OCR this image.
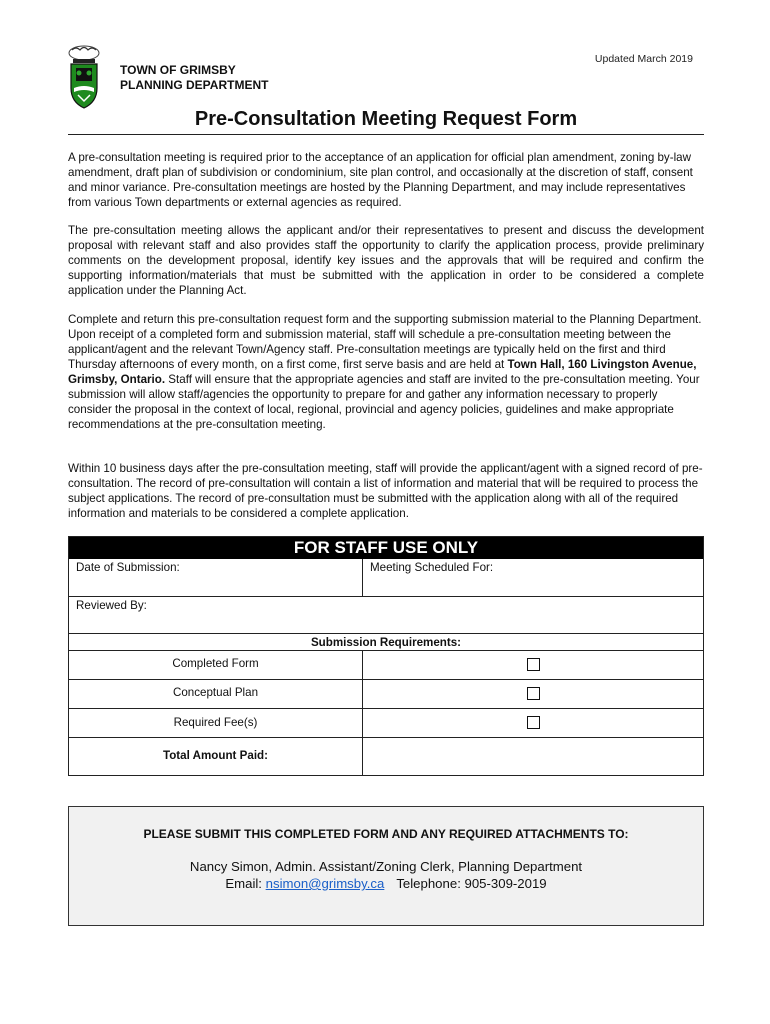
Updated March 2019
TOWN OF GRIMSBY
PLANNING DEPARTMENT
Pre-Consultation Meeting Request Form

A pre-consultation meeting is required prior to the acceptance of an application for official plan amendment, zoning by-law amendment, draft plan of subdivision or condominium, site plan control, and occasionally at the discretion of staff, consent and minor variance. Pre-consultation meetings are hosted by the Planning Department, and may include representatives from various Town departments or external agencies as required.

The pre-consultation meeting allows the applicant and/or their representatives to present and discuss the development proposal with relevant staff and also provides staff the opportunity to clarify the application process, provide preliminary comments on the development proposal, identify key issues and the approvals that will be required and confirm the supporting information/materials that must be submitted with the application in order to be considered a complete application under the Planning Act.

Complete and return this pre-consultation request form and the supporting submission material to the Planning Department. Upon receipt of a completed form and submission material, staff will schedule a pre-consultation meeting between the applicant/agent and the relevant Town/Agency staff. Pre-consultation meetings are typically held on the first and third Thursday afternoons of every month, on a first come, first serve basis and are held at Town Hall, 160 Livingston Avenue, Grimsby, Ontario. Staff will ensure that the appropriate agencies and staff are invited to the pre-consultation meeting. Your submission will allow staff/agencies the opportunity to prepare for and gather any information necessary to properly consider the proposal in the context of local, regional, provincial and agency policies, guidelines and make appropriate recommendations at the pre-consultation meeting.

Within 10 business days after the pre-consultation meeting, staff will provide the applicant/agent with a signed record of pre-consultation. The record of pre-consultation will contain a list of information and material that will be required to process the subject applications. The record of pre-consultation must be submitted with the application along with all of the required information and materials to be considered a complete application.

FOR STAFF USE ONLY
Date of Submission:	Meeting Scheduled For:
Reviewed By:
Submission Requirements:
Completed Form
Conceptual Plan
Required Fee(s)
Total Amount Paid:
PLEASE SUBMIT THIS COMPLETED FORM AND ANY REQUIRED ATTACHMENTS TO:
Nancy Simon, Admin. Assistant/Zoning Clerk, Planning Department
Email: nsimon@grimsby.ca Telephone: 905-309-2019
